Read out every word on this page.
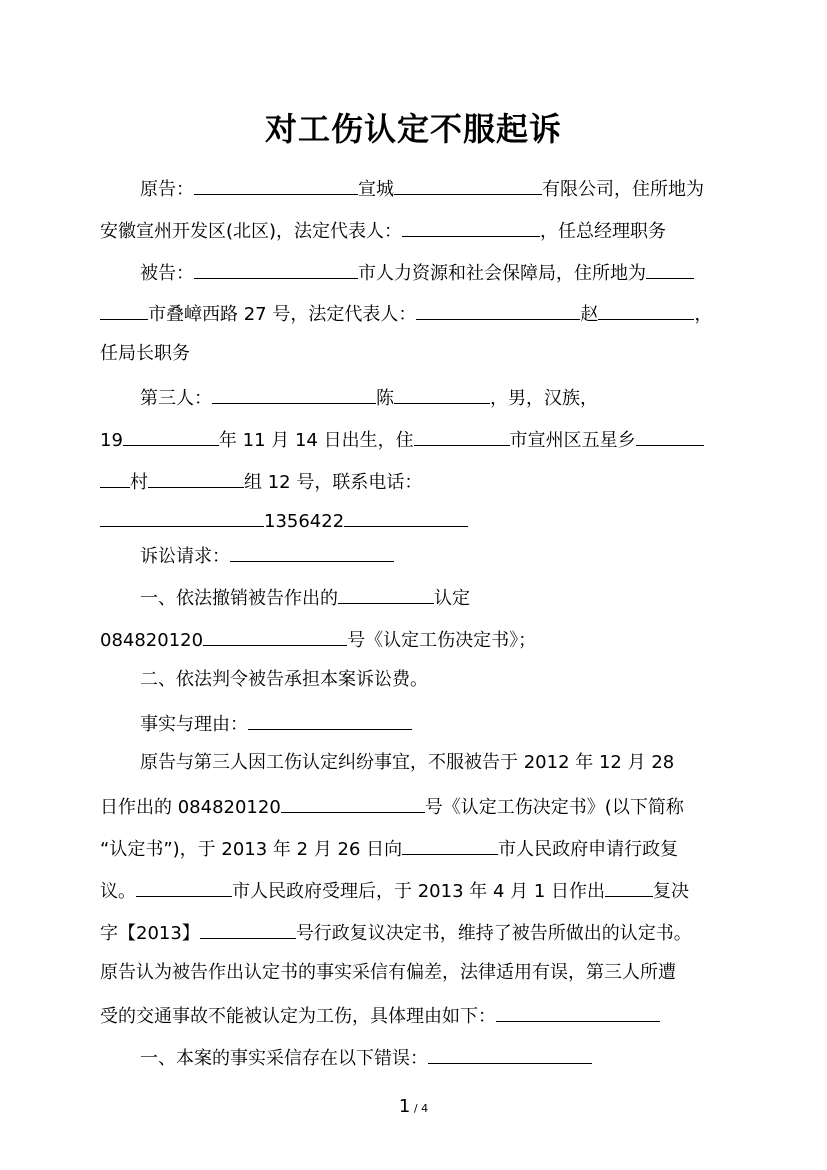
对工伤认定不服起诉
原告：	宣城	有限公司，住所地为
安徽宣州开发区(北区)，法定代表人：	，任总经理职务
被告：	市人力资源和社会保障局，住所地为
市叠嶂西路 27 号，法定代表人：	赵	，
任局长职务
第三人：	陈	，男，汉族，
19	年 11 月 14 日出生，住	市宣州区五星乡
村	组 12 号，联系电话：
1356422
诉讼请求：
一、依法撤销被告作出的	认定
084820120	号《认定工伤决定书》；
二、依法判令被告承担本案诉讼费。
事实与理由：
原告与第三人因工伤认定纠纷事宜，不服被告于 2012 年 12 月 28
日作出的 084820120	号《认定工伤决定书》(以下简称
“认定书”)，于 2013 年 2 月 26 日向	市人民政府申请行政复
议。	市人民政府受理后，于 2013 年 4 月 1 日作出	复决
字【2013】	号行政复议决定书，维持了被告所做出的认定书。
原告认为被告作出认定书的事实采信有偏差，法律适用有误，第三人所遭
受的交通事故不能被认定为工伤，具体理由如下：
一、本案的事实采信存在以下错误：
1 / 4
